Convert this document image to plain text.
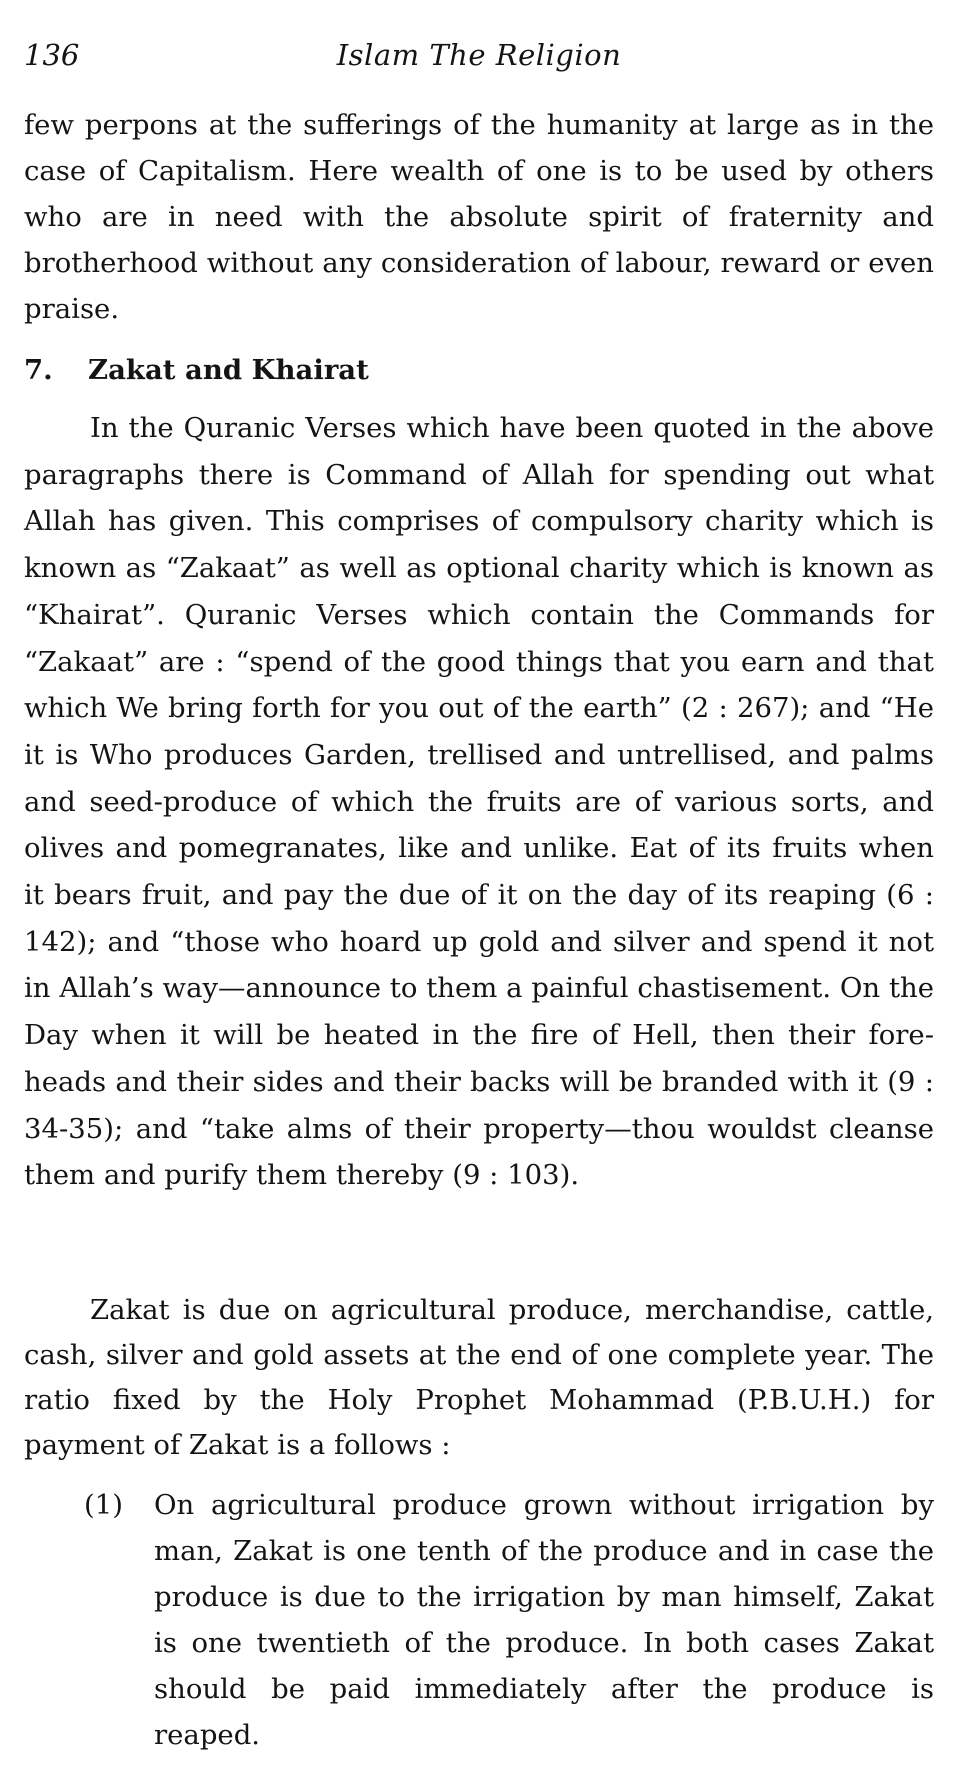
136	Islam The Religion

few perpons at the sufferings of the humanity at large as in the case of Capitalism. Here wealth of one is to be used by others who are in need with the absolute spirit of fraternity and brotherhood without any consideration of labour, reward or even praise.

7. Zakat and Khairat

In the Quranic Verses which have been quoted in the above paragraphs there is Command of Allah for spending out what Allah has given. This comprises of compulsory charity which is known as “Zakaat” as well as optional charity which is known as “Khairat”. Quranic Verses which contain the Commands for “Zakaat” are : “spend of the good things that you earn and that which We bring forth for you out of the earth” (2 : 267); and “He it is Who produces Garden, trellised and untrellised, and palms and seed-produce of which the fruits are of various sorts, and olives and pomegranates, like and unlike. Eat of its fruits when it bears fruit, and pay the due of it on the day of its reaping (6 : 142); and “those who hoard up gold and silver and spend it not in Allah’s way—announce to them a painful chastisement. On the Day when it will be heated in the fire of Hell, then their fore-heads and their sides and their backs will be branded with it (9 : 34-35); and “take alms of their property—thou wouldst cleanse them and purify them thereby (9 : 103).

Zakat is due on agricultural produce, merchandise, cattle, cash, silver and gold assets at the end of one complete year. The ratio fixed by the Holy Prophet Mohammad (P.B.U.H.) for payment of Zakat is a follows :

(1) On agricultural produce grown without irrigation by man, Zakat is one tenth of the produce and in case the produce is due to the irrigation by man himself, Zakat is one twentieth of the produce. In both cases Zakat should be paid immediately after the produce is reaped.
